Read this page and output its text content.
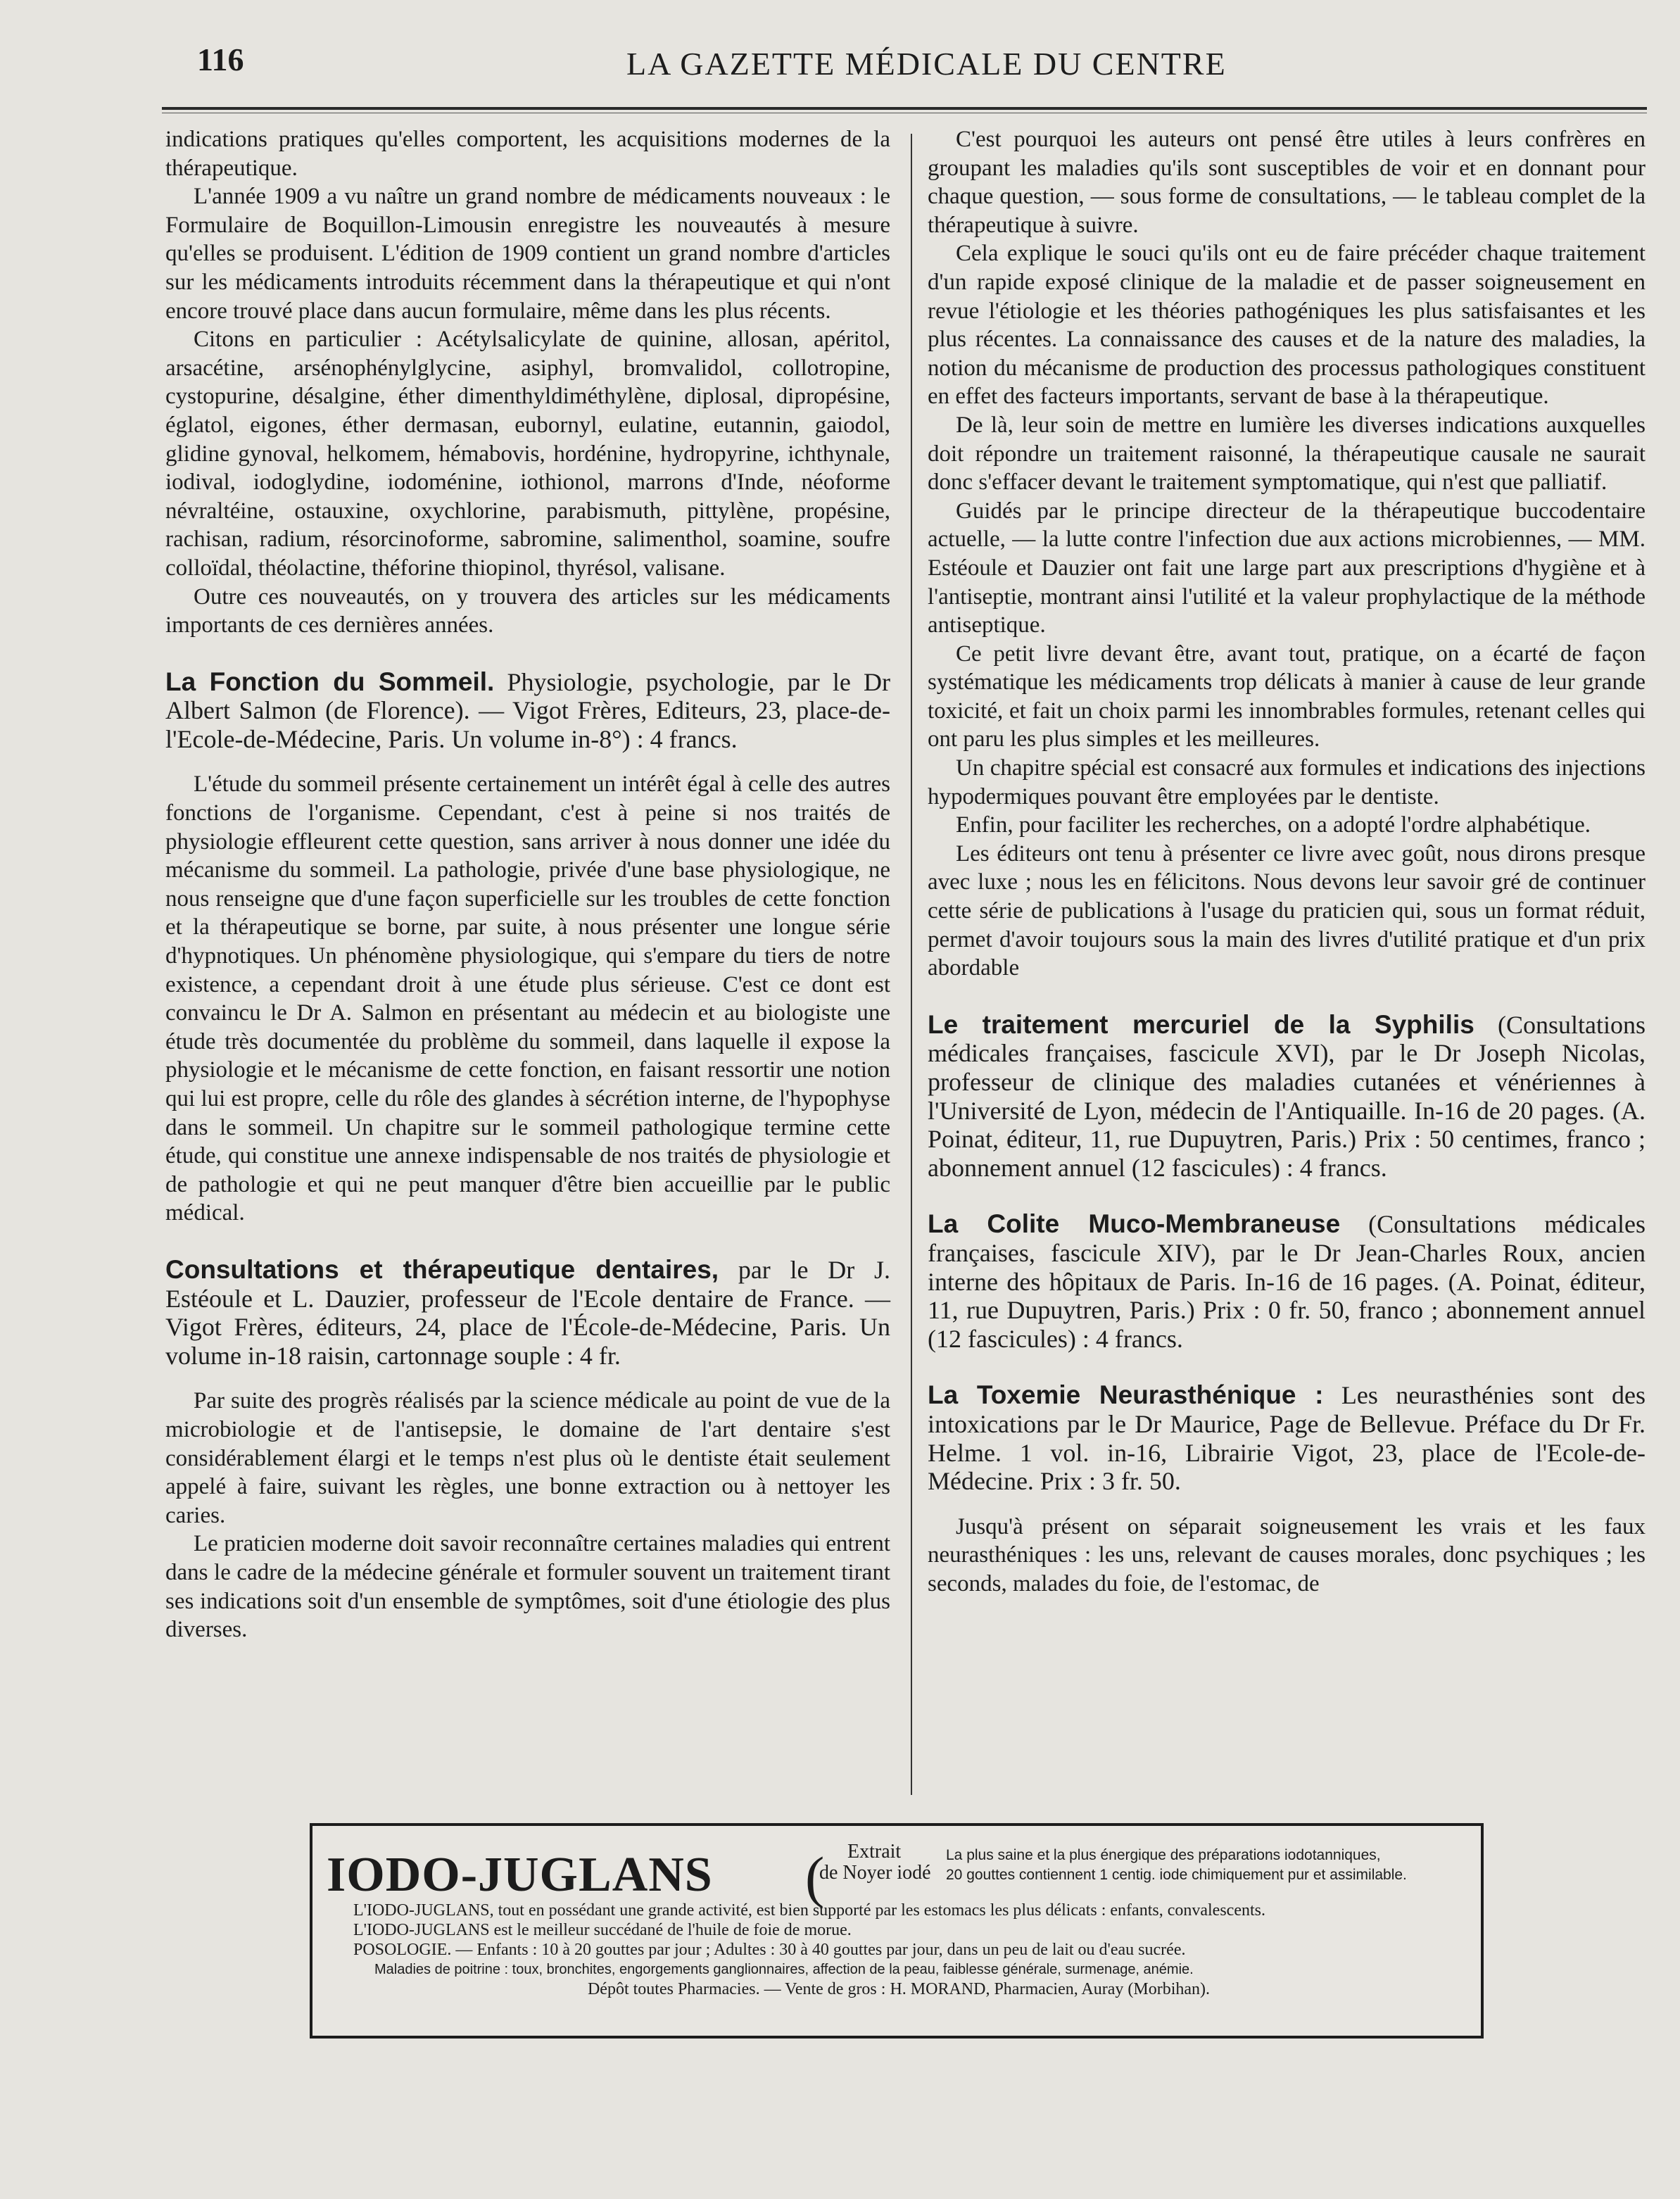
116	LA GAZETTE MÉDICALE DU CENTRE

indications pratiques qu'elles comportent, les acquisitions modernes de la thérapeutique.

L'année 1909 a vu naître un grand nombre de médicaments nouveaux : le Formulaire de Boquillon-Limousin enregistre les nouveautés à mesure qu'elles se produisent. L'édition de 1909 contient un grand nombre d'articles sur les médicaments introduits récemment dans la thérapeutique et qui n'ont encore trouvé place dans aucun formulaire, même dans les plus récents.

Citons en particulier : Acétylsalicylate de quinine, allosan, apéritol, arsacétine, arsénophénylglycine, asiphyl, bromvalidol, collotropine, cystopurine, désalgine, éther dimenthyldiméthylène, diplosal, dipropésine, églatol, eigones, éther dermasan, eubornyl, eulatine, eutannin, gaiodol, glidine gynoval, helkomem, hémabovis, hordénine, hydropyrine, ichthynale, iodival, iodoglydine, iodoménine, iothionol, marrons d'Inde, néoforme névraltéine, ostauxine, oxychlorine, parabismuth, pittylène, propésine, rachisan, radium, résorcinoforme, sabromine, salimenthol, soamine, soufre colloïdal, théolactine, théforine thiopinol, thyrésol, valisane.

Outre ces nouveautés, on y trouvera des articles sur les médicaments importants de ces dernières années.

La Fonction du Sommeil. Physiologie, psychologie, par le Dr Albert Salmon (de Florence). — Vigot Frères, Editeurs, 23, place-de-l'Ecole-de-Médecine, Paris. Un volume in-8°) : 4 francs.

L'étude du sommeil présente certainement un intérêt égal à celle des autres fonctions de l'organisme. Cependant, c'est à peine si nos traités de physiologie effleurent cette question, sans arriver à nous donner une idée du mécanisme du sommeil. La pathologie, privée d'une base physiologique, ne nous renseigne que d'une façon superficielle sur les troubles de cette fonction et la thérapeutique se borne, par suite, à nous présenter une longue série d'hypnotiques. Un phénomène physiologique, qui s'empare du tiers de notre existence, a cependant droit à une étude plus sérieuse. C'est ce dont est convaincu le Dr A. Salmon en présentant au médecin et au biologiste une étude très documentée du problème du sommeil, dans laquelle il expose la physiologie et le mécanisme de cette fonction, en faisant ressortir une notion qui lui est propre, celle du rôle des glandes à sécrétion interne, de l'hypophyse dans le sommeil. Un chapitre sur le sommeil pathologique termine cette étude, qui constitue une annexe indispensable de nos traités de physiologie et de pathologie et qui ne peut manquer d'être bien accueillie par le public médical.

Consultations et thérapeutique dentaires, par le Dr J. Estéoule et L. Dauzier, professeur de l'Ecole dentaire de France. — Vigot Frères, éditeurs, 24, place de l'École-de-Médecine, Paris. Un volume in-18 raisin, cartonnage souple : 4 fr.

Par suite des progrès réalisés par la science médicale au point de vue de la microbiologie et de l'antisepsie, le domaine de l'art dentaire s'est considérablement élargi et le temps n'est plus où le dentiste était seulement appelé à faire, suivant les règles, une bonne extraction ou à nettoyer les caries.

Le praticien moderne doit savoir reconnaître certaines maladies qui entrent dans le cadre de la médecine générale et formuler souvent un traitement tirant ses indications soit d'un ensemble de symptômes, soit d'une étiologie des plus diverses.

C'est pourquoi les auteurs ont pensé être utiles à leurs confrères en groupant les maladies qu'ils sont susceptibles de voir et en donnant pour chaque question, — sous forme de consultations, — le tableau complet de la thérapeutique à suivre.

Cela explique le souci qu'ils ont eu de faire précéder chaque traitement d'un rapide exposé clinique de la maladie et de passer soigneusement en revue l'étiologie et les théories pathogéniques les plus satisfaisantes et les plus récentes. La connaissance des causes et de la nature des maladies, la notion du mécanisme de production des processus pathologiques constituent en effet des facteurs importants, servant de base à la thérapeutique.

De là, leur soin de mettre en lumière les diverses indications auxquelles doit répondre un traitement raisonné, la thérapeutique causale ne saurait donc s'effacer devant le traitement symptomatique, qui n'est que palliatif.

Guidés par le principe directeur de la thérapeutique buccodentaire actuelle, — la lutte contre l'infection due aux actions microbiennes, — MM. Estéoule et Dauzier ont fait une large part aux prescriptions d'hygiène et à l'antiseptie, montrant ainsi l'utilité et la valeur prophylactique de la méthode antiseptique.

Ce petit livre devant être, avant tout, pratique, on a écarté de façon systématique les médicaments trop délicats à manier à cause de leur grande toxicité, et fait un choix parmi les innombrables formules, retenant celles qui ont paru les plus simples et les meilleures.

Un chapitre spécial est consacré aux formules et indications des injections hypodermiques pouvant être employées par le dentiste.

Enfin, pour faciliter les recherches, on a adopté l'ordre alphabétique.

Les éditeurs ont tenu à présenter ce livre avec goût, nous dirons presque avec luxe ; nous les en félicitons. Nous devons leur savoir gré de continuer cette série de publications à l'usage du praticien qui, sous un format réduit, permet d'avoir toujours sous la main des livres d'utilité pratique et d'un prix abordable

Le traitement mercuriel de la Syphilis (Consultations médicales françaises, fascicule XVI), par le Dr Joseph Nicolas, professeur de clinique des maladies cutanées et vénériennes à l'Université de Lyon, médecin de l'Antiquaille. In-16 de 20 pages. (A. Poinat, éditeur, 11, rue Dupuytren, Paris.) Prix : 50 centimes, franco ; abonnement annuel (12 fascicules) : 4 francs.

La Colite Muco-Membraneuse (Consultations médicales françaises, fascicule XIV), par le Dr Jean-Charles Roux, ancien interne des hôpitaux de Paris. In-16 de 16 pages. (A. Poinat, éditeur, 11, rue Dupuytren, Paris.) Prix : 0 fr. 50, franco ; abonnement annuel (12 fascicules) : 4 francs.

La Toxemie Neurasthénique : Les neurasthénies sont des intoxications par le Dr Maurice, Page de Bellevue. Préface du Dr Fr. Helme. 1 vol. in-16, Librairie Vigot, 23, place de l'Ecole-de-Médecine. Prix : 3 fr. 50.

Jusqu'à présent on séparait soigneusement les vrais et les faux neurasthéniques : les uns, relevant de causes morales, donc psychiques ; les seconds, malades du foie, de l'estomac, de

IODO-JUGLANS (	Extrait
de Noyer iodé
La plus saine et la plus énergique des préparations iodotanniques,
20 gouttes contiennent 1 centig. iode chimiquement pur et assimilable.
L'IODO-JUGLANS, tout en possédant une grande activité, est bien supporté par les estomacs les plus délicats : enfants, convalescents.
L'IODO-JUGLANS est le meilleur succédané de l'huile de foie de morue.
POSOLOGIE. — Enfants : 10 à 20 gouttes par jour ; Adultes : 30 à 40 gouttes par jour, dans un peu de lait ou d'eau sucrée.
Maladies de poitrine : toux, bronchites, engorgements ganglionnaires, affection de la peau, faiblesse générale, surmenage, anémie.
Dépôt toutes Pharmacies. — Vente de gros : H. MORAND, Pharmacien, Auray (Morbihan).
